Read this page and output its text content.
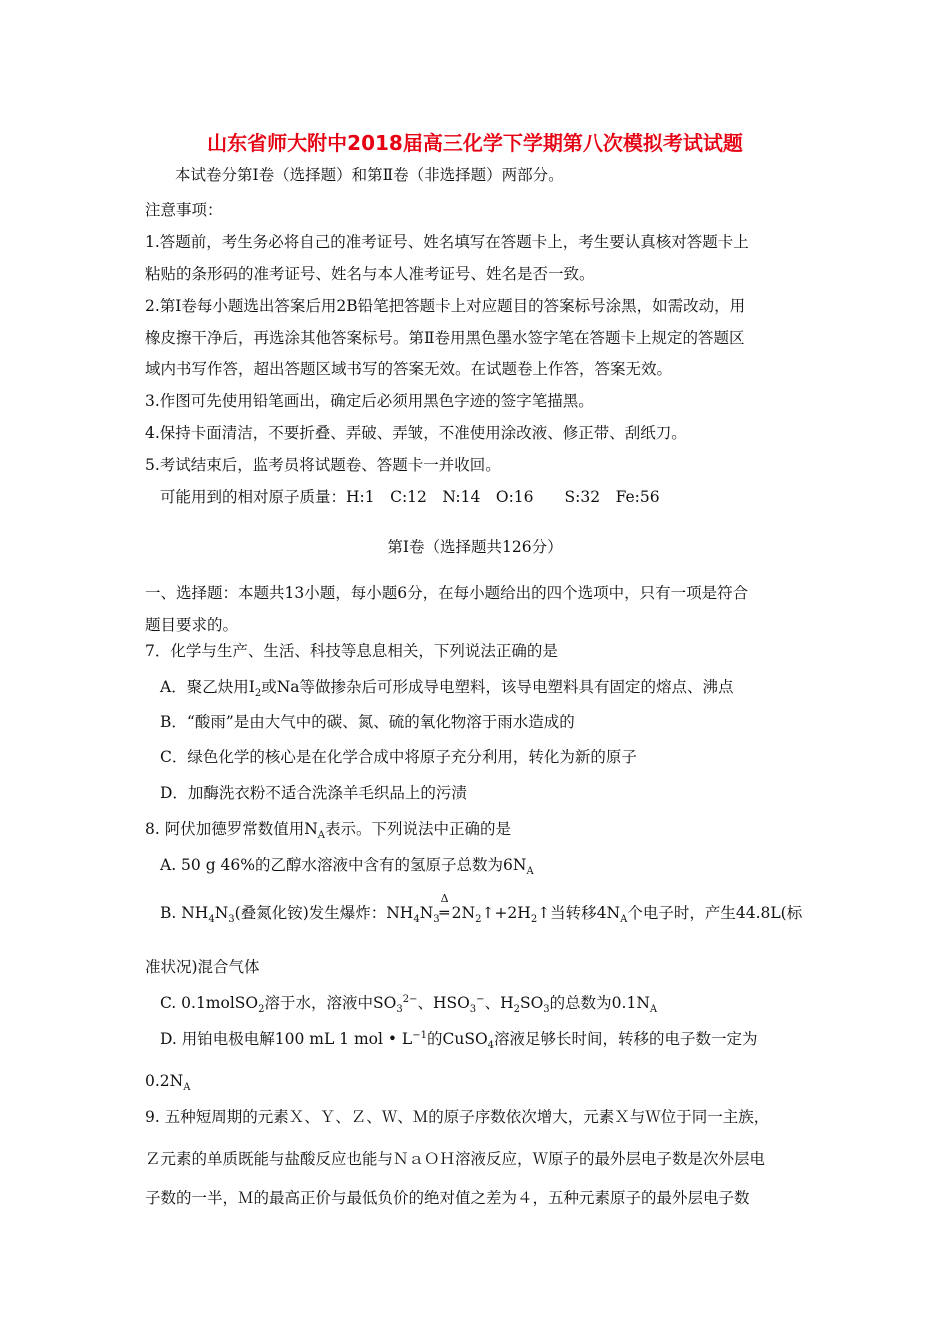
山东省师大附中2018届高三化学下学期第八次模拟考试试题
本试卷分第Ⅰ卷（选择题）和第Ⅱ卷（非选择题）两部分。
注意事项：
1.答题前，考生务必将自己的准考证号、姓名填写在答题卡上，考生要认真核对答题卡上
粘贴的条形码的准考证号、姓名与本人准考证号、姓名是否一致。
2.第Ⅰ卷每小题选出答案后用2B铅笔把答题卡上对应题目的答案标号涂黑，如需改动，用
橡皮擦干净后，再选涂其他答案标号。第Ⅱ卷用黑色墨水签字笔在答题卡上规定的答题区
域内书写作答，超出答题区域书写的答案无效。在试题卷上作答，答案无效。
3.作图可先使用铅笔画出，确定后必须用黑色字迹的签字笔描黑。
4.保持卡面清洁，不要折叠、弄破、弄皱，不准使用涂改液、修正带、刮纸刀。
5.考试结束后，监考员将试题卷、答题卡一并收回。
可能用到的相对原子质量：H:1　C:12　N:14　O:16　　S:32　Fe:56
第Ⅰ卷（选择题共126分）
一、选择题：本题共13小题，每小题6分，在每小题给出的四个选项中，只有一项是符合
题目要求的。
7．化学与生产、生活、科技等息息相关，下列说法正确的是
A．聚乙炔用$I_2$或Na等做掺杂后可形成导电塑料，该导电塑料具有固定的熔点、沸点
B．“酸雨”是由大气中的碳、氮、硫的氧化物溶于雨水造成的
C．绿色化学的核心是在化学合成中将原子充分利用，转化为新的原子
D．加酶洗衣粉不适合洗涤羊毛织品上的污渍
8. 阿伏加德罗常数值用$N_A$表示。下列说法中正确的是
A. 50 g 46%的乙醇水溶液中含有的氢原子总数为$6N_A$
B. $NH_4N_3$(叠氮化铵)发生爆炸：$NH_4N_3$
Δ
═ $2N_2↑+2H_2↑$当转移$4N_A$个电子时，产生44.8L(标
准状况)混合气体
C. 0.1molSO$_2$溶于水，溶液中$SO_3^{2-}$、$HSO_3^-$、$H_2SO_3$的总数为$0.1N_A$
D. 用铂电极电解100 mL 1 mol • $L^{-1}$的CuSO$_4$溶液足够长时间，转移的电子数一定为
$0.2N_A$
9. 五种短周期的元素Ｘ、Ｙ、Ｚ、Ｗ、Ｍ的原子序数依次增大，元素Ｘ与Ｗ位于同一主族，
Ｚ元素的单质既能与盐酸反应也能与ＮａＯＨ溶液反应，Ｗ原子的最外层电子数是次外层电
子数的一半，Ｍ的最高正价与最低负价的绝对值之差为４，五种元素原子的最外层电子数
